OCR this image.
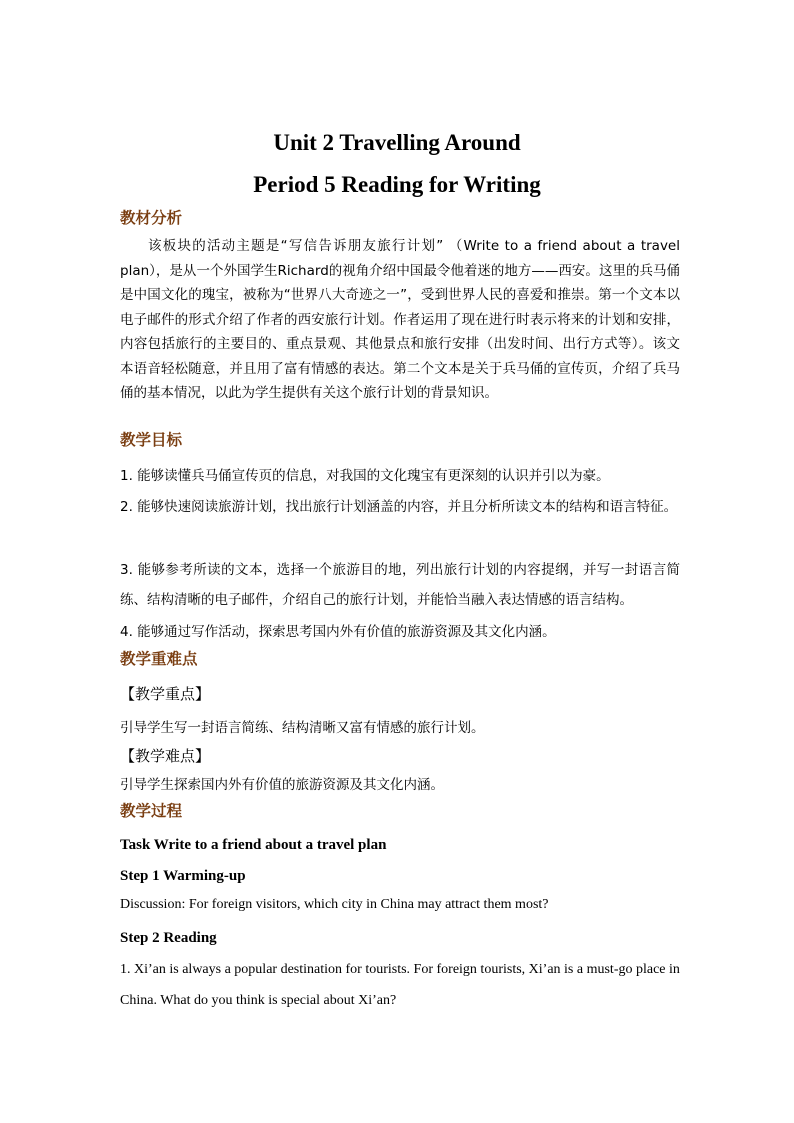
Unit 2 Travelling Around
Period 5 Reading for Writing
教材分析
该板块的活动主题是“写信告诉朋友旅行计划” （Write to a friend about a travel plan），是从一个外国学生Richard的视角介绍中国最令他着迷的地方——西安。这里的兵马俑是中国文化的瑰宝，被称为“世界八大奇迹之一”，受到世界人民的喜爱和推崇。第一个文本以电子邮件的形式介绍了作者的西安旅行计划。作者运用了现在进行时表示将来的计划和安排，内容包括旅行的主要目的、重点景观、其他景点和旅行安排（出发时间、出行方式等）。该文本语音轻松随意，并且用了富有情感的表达。第二个文本是关于兵马俑的宣传页，介绍了兵马俑的基本情况，以此为学生提供有关这个旅行计划的背景知识。
教学目标
1. 能够读懂兵马俑宣传页的信息，对我国的文化瑰宝有更深刻的认识并引以为豪。
2. 能够快速阅读旅游计划，找出旅行计划涵盖的内容，并且分析所读文本的结构和语言特征。
3. 能够参考所读的文本，选择一个旅游目的地，列出旅行计划的内容提纲，并写一封语言简练、结构清晰的电子邮件，介绍自己的旅行计划，并能恰当融入表达情感的语言结构。
4. 能够通过写作活动，探索思考国内外有价值的旅游资源及其文化内涵。
教学重难点
【教学重点】
引导学生写一封语言简练、结构清晰又富有情感的旅行计划。
【教学难点】
引导学生探索国内外有价值的旅游资源及其文化内涵。
教学过程
Task Write to a friend about a travel plan
Step 1 Warming-up
Discussion: For foreign visitors, which city in China may attract them most?
Step 2 Reading
1. Xi’an is always a popular destination for tourists. For foreign tourists, Xi’an is a must-go place in China. What do you think is special about Xi’an?
